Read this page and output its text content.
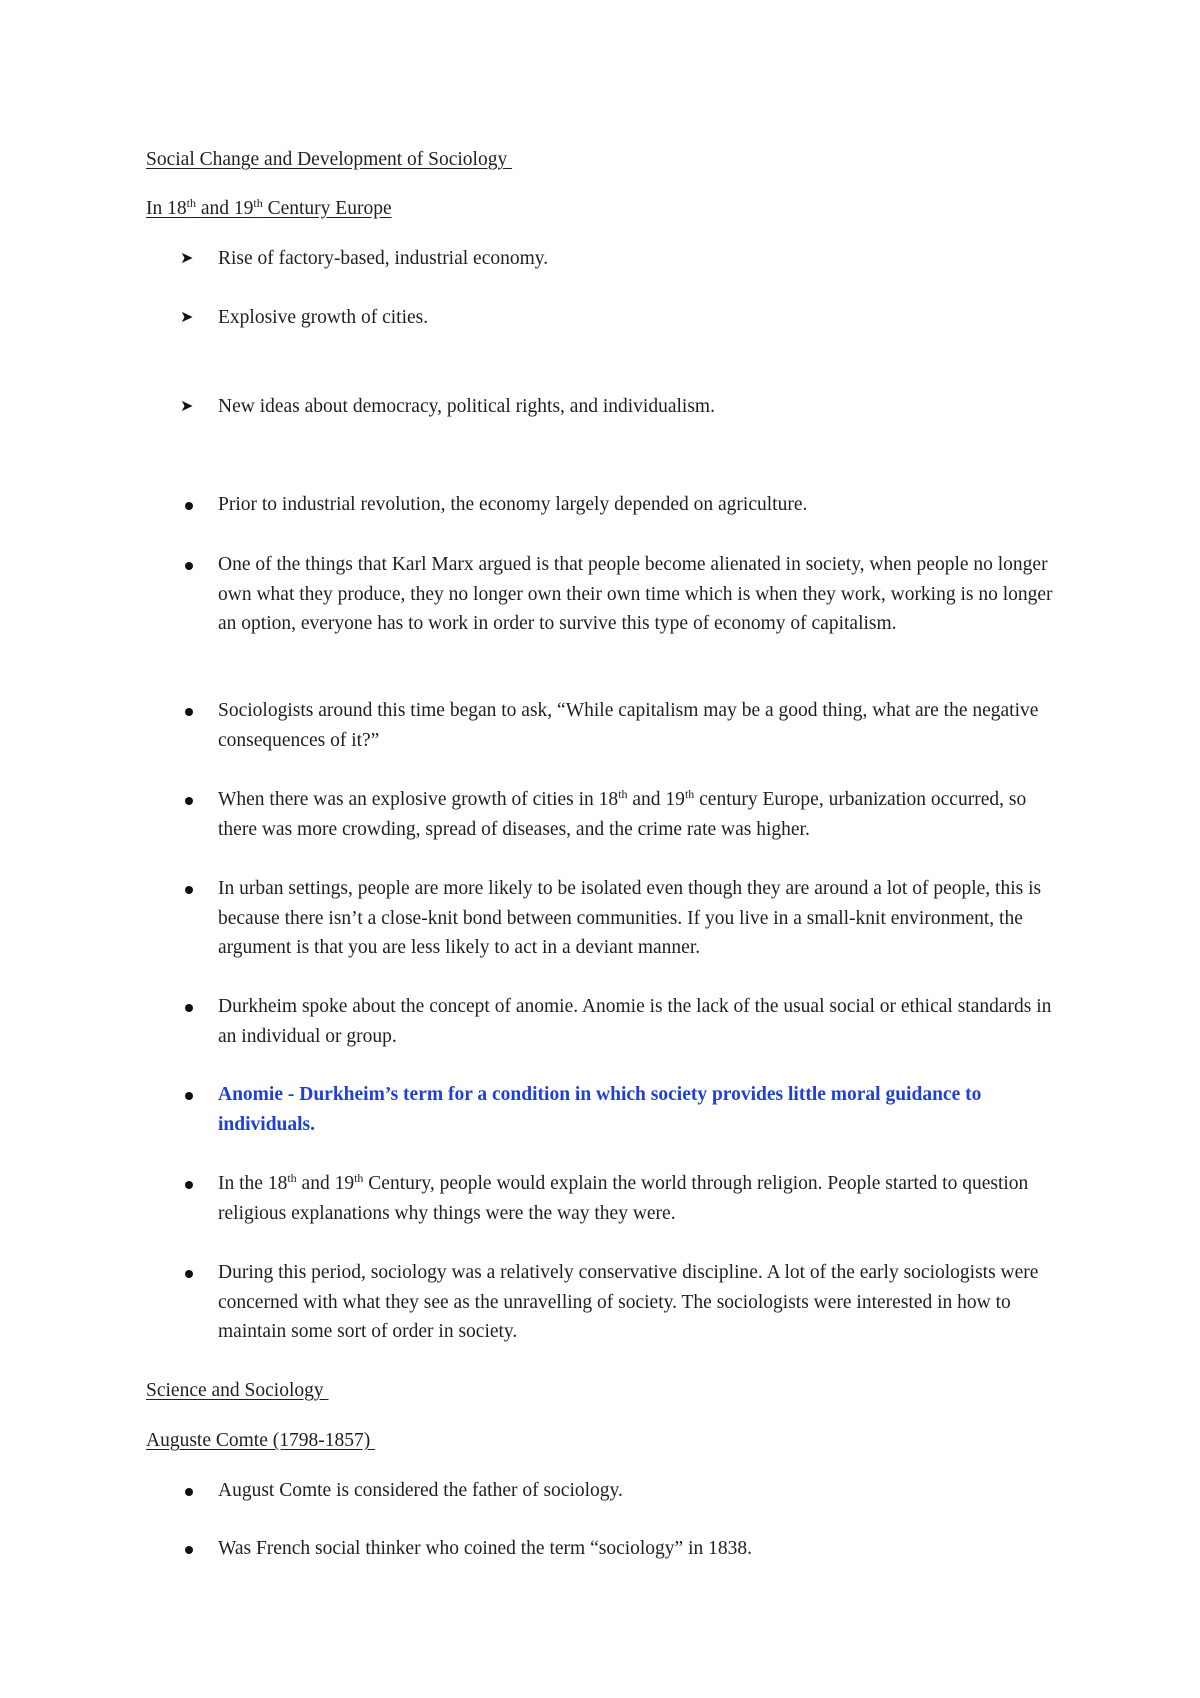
Social Change and Development of Sociology
In 18th and 19th Century Europe
➤ Rise of factory-based, industrial economy.
➤ Explosive growth of cities.
➤ New ideas about democracy, political rights, and individualism.
Prior to industrial revolution, the economy largely depended on agriculture.
One of the things that Karl Marx argued is that people become alienated in society, when people no longer own what they produce, they no longer own their own time which is when they work, working is no longer an option, everyone has to work in order to survive this type of economy of capitalism.
Sociologists around this time began to ask, “While capitalism may be a good thing, what are the negative consequences of it?”
When there was an explosive growth of cities in 18th and 19th century Europe, urbanization occurred, so there was more crowding, spread of diseases, and the crime rate was higher.
In urban settings, people are more likely to be isolated even though they are around a lot of people, this is because there isn’t a close-knit bond between communities. If you live in a small-knit environment, the argument is that you are less likely to act in a deviant manner.
Durkheim spoke about the concept of anomie. Anomie is the lack of the usual social or ethical standards in an individual or group.
Anomie - Durkheim’s term for a condition in which society provides little moral guidance to individuals.
In the 18th and 19th Century, people would explain the world through religion. People started to question religious explanations why things were the way they were.
During this period, sociology was a relatively conservative discipline. A lot of the early sociologists were concerned with what they see as the unravelling of society. The sociologists were interested in how to maintain some sort of order in society.
Science and Sociology
Auguste Comte (1798-1857)
August Comte is considered the father of sociology.
Was French social thinker who coined the term “sociology” in 1838.
